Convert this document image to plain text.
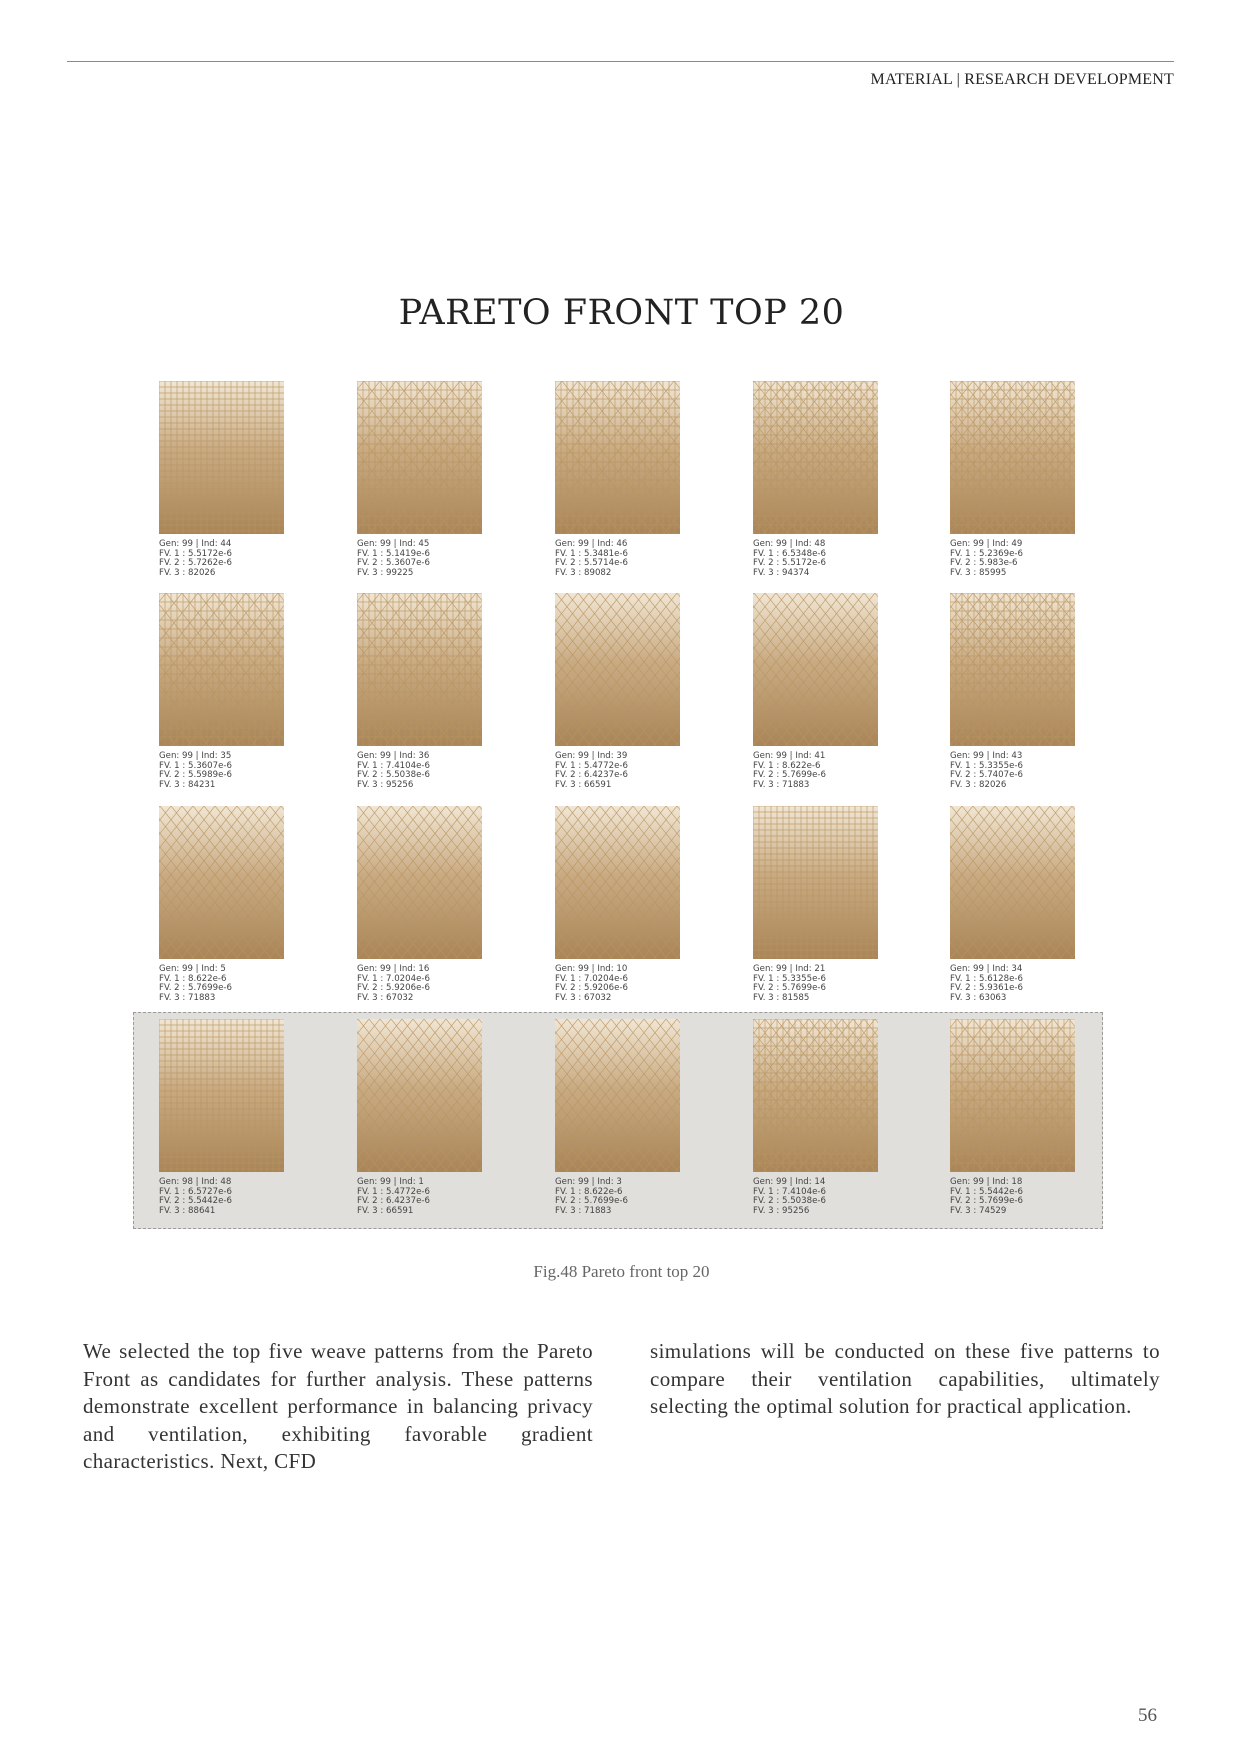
MATERIAL | RESEARCH DEVELOPMENT
PARETO FRONT TOP 20
Gen: 99 | Ind: 44
FV. 1 : 5.5172e-6
FV. 2 : 5.7262e-6
FV. 3 : 82026
Gen: 99 | Ind: 45
FV. 1 : 5.1419e-6
FV. 2 : 5.3607e-6
FV. 3 : 99225
Gen: 99 | Ind: 46
FV. 1 : 5.3481e-6
FV. 2 : 5.5714e-6
FV. 3 : 89082
Gen: 99 | Ind: 48
FV. 1 : 6.5348e-6
FV. 2 : 5.5172e-6
FV. 3 : 94374
Gen: 99 | Ind: 49
FV. 1 : 5.2369e-6
FV. 2 : 5.983e-6
FV. 3 : 85995
Gen: 99 | Ind: 35
FV. 1 : 5.3607e-6
FV. 2 : 5.5989e-6
FV. 3 : 84231
Gen: 99 | Ind: 36
FV. 1 : 7.4104e-6
FV. 2 : 5.5038e-6
FV. 3 : 95256
Gen: 99 | Ind: 39
FV. 1 : 5.4772e-6
FV. 2 : 6.4237e-6
FV. 3 : 66591
Gen: 99 | Ind: 41
FV. 1 : 8.622e-6
FV. 2 : 5.7699e-6
FV. 3 : 71883
Gen: 99 | Ind: 43
FV. 1 : 5.3355e-6
FV. 2 : 5.7407e-6
FV. 3 : 82026
Gen: 99 | Ind: 5
FV. 1 : 8.622e-6
FV. 2 : 5.7699e-6
FV. 3 : 71883
Gen: 99 | Ind: 16
FV. 1 : 7.0204e-6
FV. 2 : 5.9206e-6
FV. 3 : 67032
Gen: 99 | Ind: 10
FV. 1 : 7.0204e-6
FV. 2 : 5.9206e-6
FV. 3 : 67032
Gen: 99 | Ind: 21
FV. 1 : 5.3355e-6
FV. 2 : 5.7699e-6
FV. 3 : 81585
Gen: 99 | Ind: 34
FV. 1 : 5.6128e-6
FV. 2 : 5.9361e-6
FV. 3 : 63063
Gen: 98 | Ind: 48
FV. 1 : 6.5727e-6
FV. 2 : 5.5442e-6
FV. 3 : 88641
Gen: 99 | Ind: 1
FV. 1 : 5.4772e-6
FV. 2 : 6.4237e-6
FV. 3 : 66591
Gen: 99 | Ind: 3
FV. 1 : 8.622e-6
FV. 2 : 5.7699e-6
FV. 3 : 71883
Gen: 99 | Ind: 14
FV. 1 : 7.4104e-6
FV. 2 : 5.5038e-6
FV. 3 : 95256
Gen: 99 | Ind: 18
FV. 1 : 5.5442e-6
FV. 2 : 5.7699e-6
FV. 3 : 74529
Fig.48 Pareto front top 20
We selected the top five weave patterns from the Pareto Front as candidates for further analysis. These patterns demonstrate excellent performance in balancing privacy and ventilation, exhibiting favorable gradient characteristics. Next, CFD
simulations will be conducted on these five patterns to compare their ventilation capabilities, ultimately selecting the optimal solution for practical application.
56
